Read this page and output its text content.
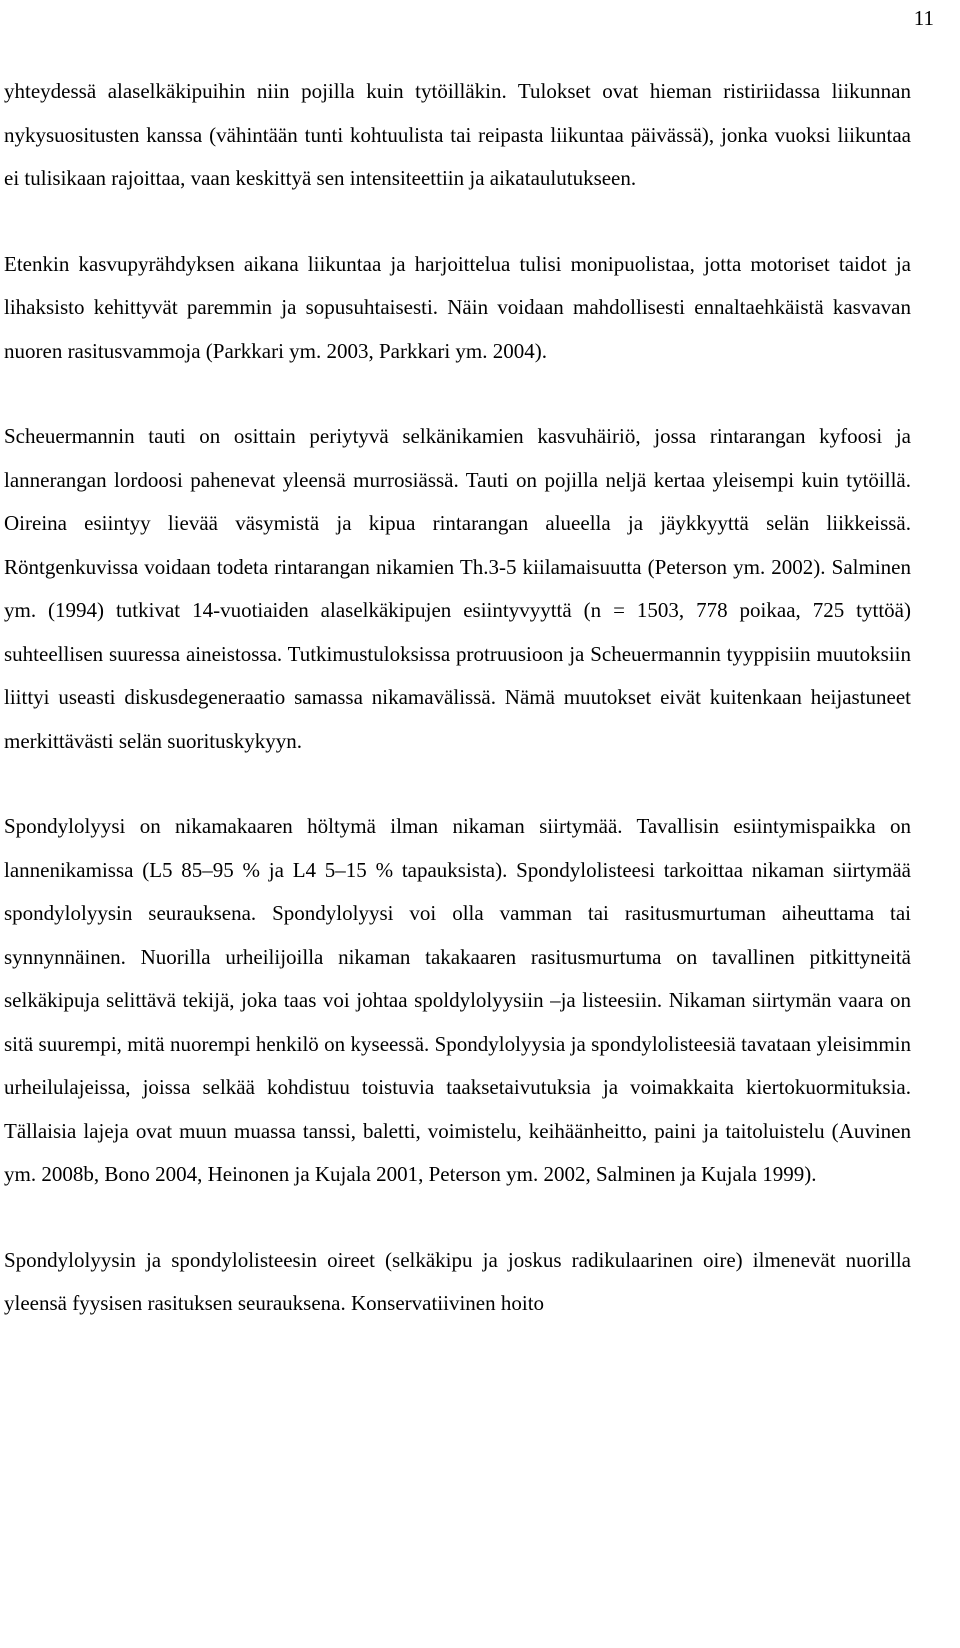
11

yhteydessä alaselkäkipuihin niin pojilla kuin tytöilläkin. Tulokset ovat hieman ristiriidassa liikunnan nykysuositusten kanssa (vähintään tunti kohtuulista tai reipasta liikuntaa päivässä), jonka vuoksi liikuntaa ei tulisikaan rajoittaa, vaan keskittyä sen intensiteettiin ja aikataulutukseen.

Etenkin kasvupyrähdyksen aikana liikuntaa ja harjoittelua tulisi monipuolistaa, jotta motoriset taidot ja lihaksisto kehittyvät paremmin ja sopusuhtaisesti. Näin voidaan mahdollisesti ennaltaehkäistä kasvavan nuoren rasitusvammoja (Parkkari ym. 2003, Parkkari ym. 2004).

Scheuermannin tauti on osittain periytyvä selkänikamien kasvuhäiriö, jossa rintarangan kyfoosi ja lannerangan lordoosi pahenevat yleensä murrosiässä. Tauti on pojilla neljä kertaa yleisempi kuin tytöillä. Oireina esiintyy lievää väsymistä ja kipua rintarangan alueella ja jäykkyyttä selän liikkeissä. Röntgenkuvissa voidaan todeta rintarangan nikamien Th.3-5 kiilamaisuutta (Peterson ym. 2002). Salminen ym. (1994) tutkivat 14-vuotiaiden alaselkäkipujen esiintyvyyttä (n = 1503, 778 poikaa, 725 tyttöä) suhteellisen suuressa aineistossa. Tutkimustuloksissa protruusioon ja Scheuermannin tyyppisiin muutoksiin liittyi useasti diskusdegeneraatio samassa nikamavälissä. Nämä muutokset eivät kuitenkaan heijastuneet merkittävästi selän suorituskykyyn.

Spondylolyysi on nikamakaaren höltymä ilman nikaman siirtymää. Tavallisin esiintymispaikka on lannenikamissa (L5 85–95 % ja L4 5–15 % tapauksista). Spondylolisteesi tarkoittaa nikaman siirtymää spondylolyysin seurauksena. Spondylolyysi voi olla vamman tai rasitusmurtuman aiheuttama tai synnynnäinen. Nuorilla urheilijoilla nikaman takakaaren rasitusmurtuma on tavallinen pitkittyneitä selkäkipuja selittävä tekijä, joka taas voi johtaa spoldylolyysiin –ja listeesiin. Nikaman siirtymän vaara on sitä suurempi, mitä nuorempi henkilö on kyseessä. Spondylolyysia ja spondylolisteesiä tavataan yleisimmin urheilulajeissa, joissa selkää kohdistuu toistuvia taaksetaivutuksia ja voimakkaita kiertokuormituksia. Tällaisia lajeja ovat muun muassa tanssi, baletti, voimistelu, keihäänheitto, paini ja taitoluistelu (Auvinen ym. 2008b, Bono 2004, Heinonen ja Kujala 2001, Peterson ym. 2002, Salminen ja Kujala 1999).

Spondylolyysin ja spondylolisteesin oireet (selkäkipu ja joskus radikulaarinen oire) ilmenevät nuorilla yleensä fyysisen rasituksen seurauksena. Konservatiivinen hoito
